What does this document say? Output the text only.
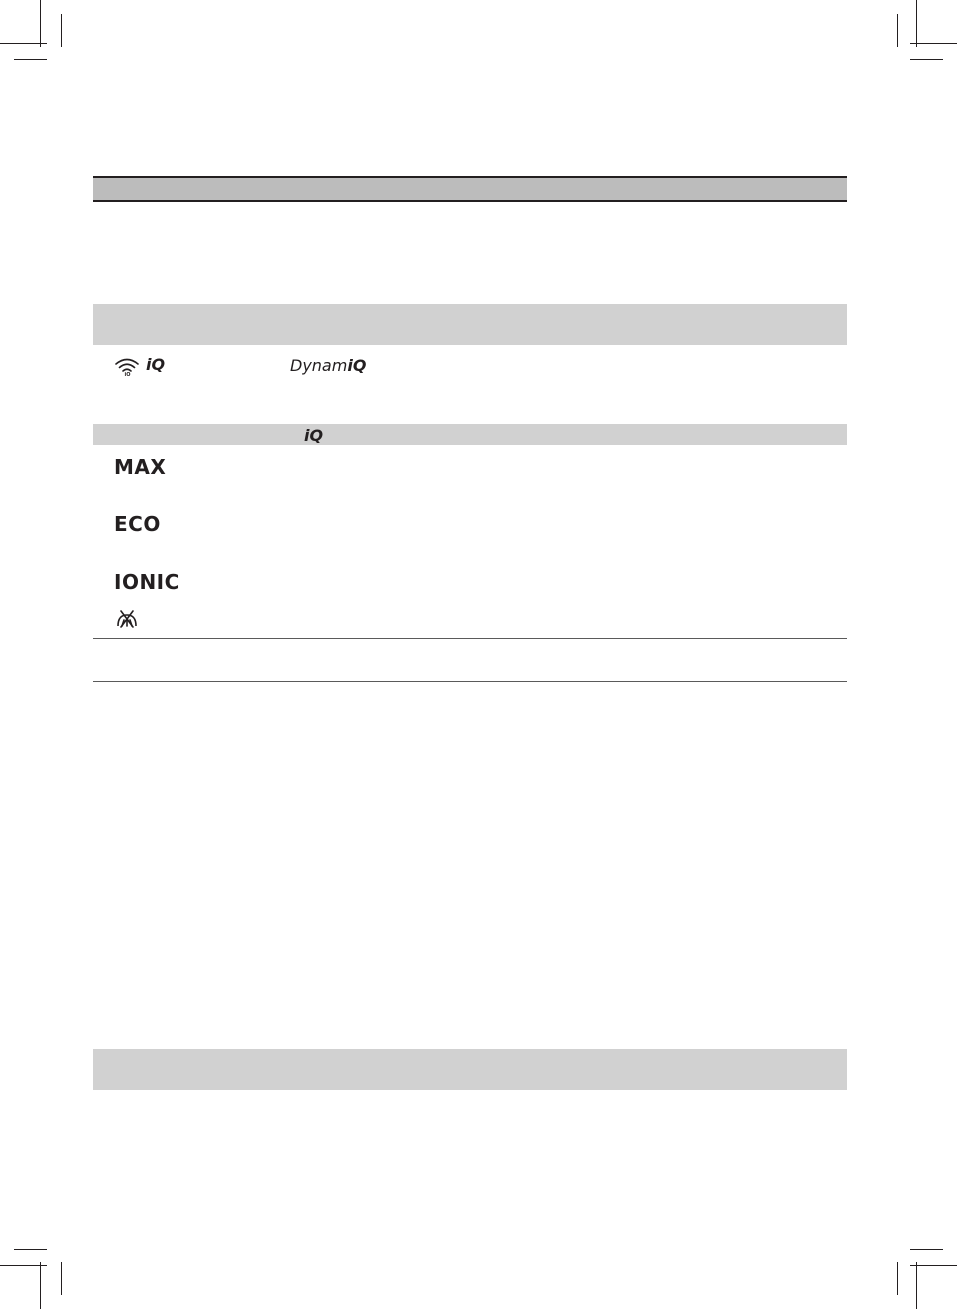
iQ
iQ	DynamiQ
iQ
MAX
ECO
IONIC
